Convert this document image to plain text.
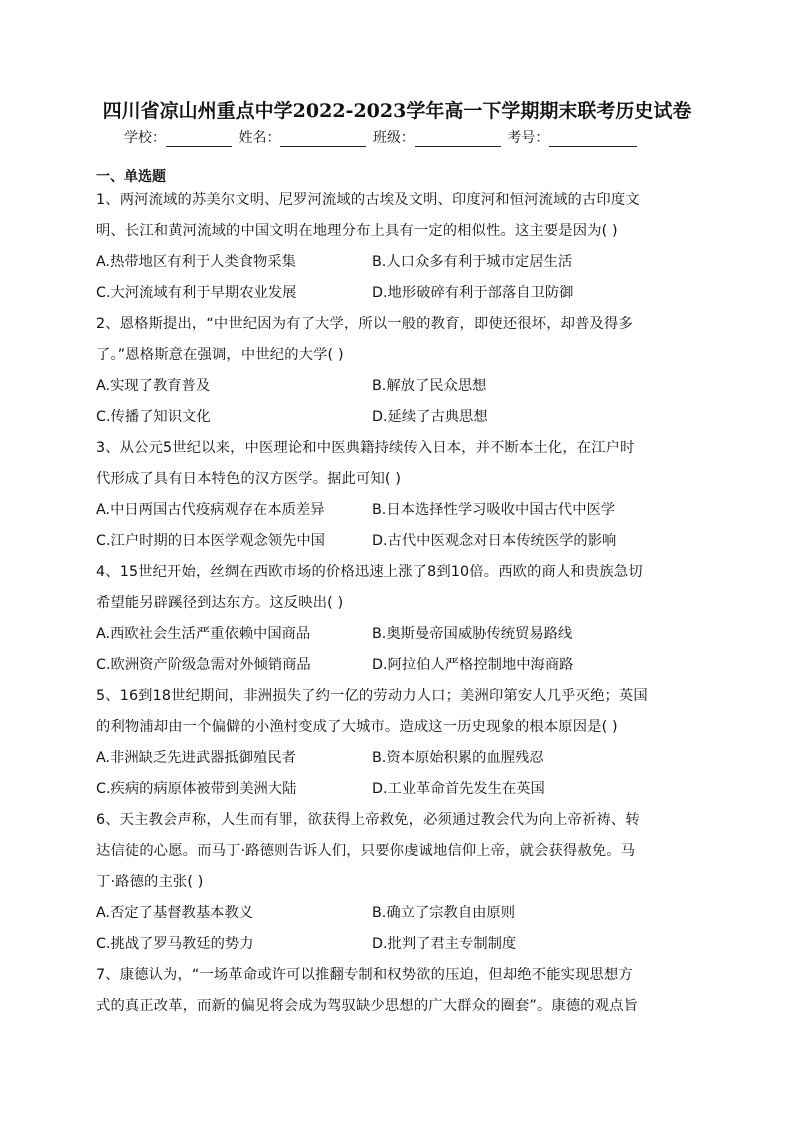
四川省凉山州重点中学2022-2023学年高一下学期期末联考历史试卷
学校：	姓名：	班级：	考号：
一、单选题
1、两河流域的苏美尔文明、尼罗河流域的古埃及文明、印度河和恒河流域的古印度文
明、长江和黄河流域的中国文明在地理分布上具有一定的相似性。这主要是因为( )
A.热带地区有利于人类食物采集	B.人口众多有利于城市定居生活
C.大河流域有利于早期农业发展	D.地形破碎有利于部落自卫防御
2、恩格斯提出，“中世纪因为有了大学，所以一般的教育，即使还很坏，却普及得多
了。”恩格斯意在强调，中世纪的大学( )
A.实现了教育普及	B.解放了民众思想
C.传播了知识文化	D.延续了古典思想
3、从公元5世纪以来，中医理论和中医典籍持续传入日本，并不断本土化，在江户时
代形成了具有日本特色的汉方医学。据此可知( )
A.中日两国古代疫病观存在本质差异	B.日本选择性学习吸收中国古代中医学
C.江户时期的日本医学观念领先中国	D.古代中医观念对日本传统医学的影响
4、15世纪开始，丝绸在西欧市场的价格迅速上涨了8到10倍。西欧的商人和贵族急切
希望能另辟蹊径到达东方。这反映出( )
A.西欧社会生活严重依赖中国商品	B.奥斯曼帝国威胁传统贸易路线
C.欧洲资产阶级急需对外倾销商品	D.阿拉伯人严格控制地中海商路
5、16到18世纪期间，非洲损失了约一亿的劳动力人口；美洲印第安人几乎灭绝；英国
的利物浦却由一个偏僻的小渔村变成了大城市。造成这一历史现象的根本原因是( )
A.非洲缺乏先进武器抵御殖民者	B.资本原始积累的血腥残忍
C.疾病的病原体被带到美洲大陆	D.工业革命首先发生在英国
6、天主教会声称，人生而有罪，欲获得上帝救免，必须通过教会代为向上帝祈祷、转
达信徒的心愿。而马丁·路德则告诉人们，只要你虔诚地信仰上帝，就会获得赦免。马
丁·路德的主张( )
A.否定了基督教基本教义	B.确立了宗教自由原则
C.挑战了罗马教廷的势力	D.批判了君主专制制度
7、康德认为，“一场革命或许可以推翻专制和权势欲的压迫，但却绝不能实现思想方
式的真正改革，而新的偏见将会成为驾驭缺少思想的广大群众的圈套”。康德的观点旨
